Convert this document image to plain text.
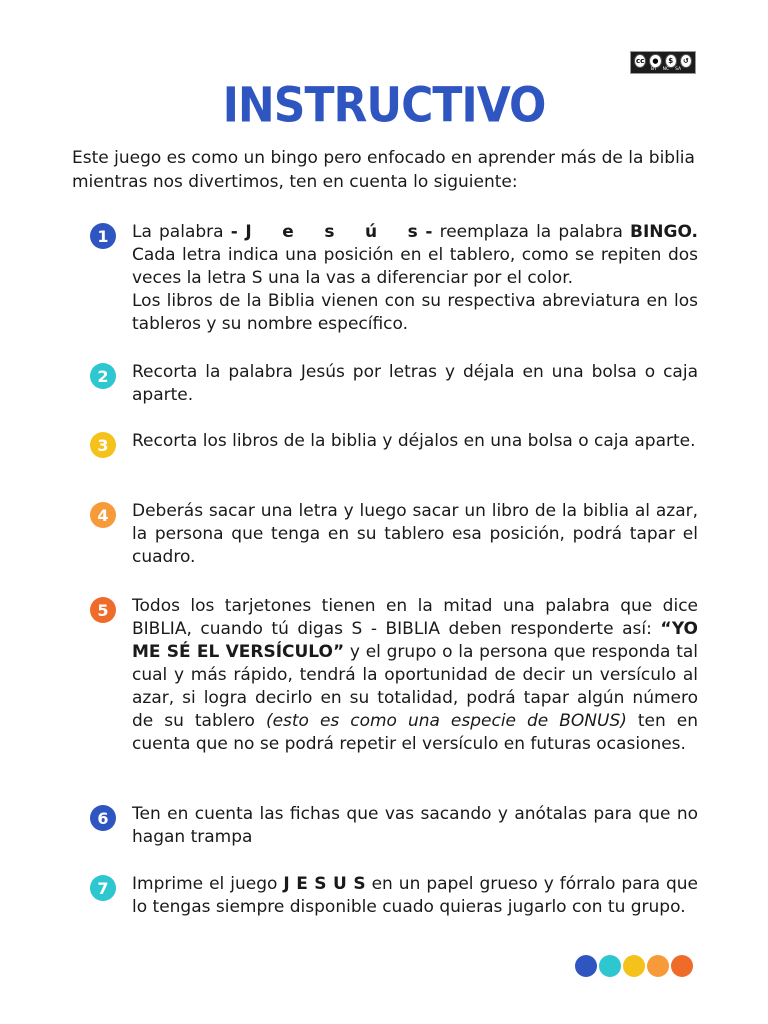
cc	●	$	↺
BY NC SA
INSTRUCTIVO

Este juego es como un bingo pero enfocado en aprender más de la biblia mientras nos divertimos, ten en cuenta lo siguiente:

1	La palabra - J    e    s    ú    s - reemplaza la palabra BINGO. Cada letra indica una posición en el tablero, como se repiten dos veces la letra S una la vas a diferenciar por el color.
Los libros de la Biblia vienen con su respectiva abreviatura en los tableros y su nombre específico.
2	Recorta la palabra Jesús por letras y déjala en una bolsa o caja aparte.
3	Recorta los libros de la biblia y déjalos en una bolsa o caja aparte.
4	Deberás sacar una letra y luego sacar un libro de la biblia al azar, la persona que tenga en su tablero esa posición, podrá tapar el cuadro.
5	Todos los tarjetones tienen en la mitad una palabra que dice BIBLIA, cuando tú digas S - BIBLIA deben responderte así: “YO ME SÉ EL VERSÍCULO” y el grupo o la persona que responda tal cual y más rápido, tendrá la oportunidad de decir un versículo al azar, si logra decirlo en su totalidad, podrá tapar algún número de su tablero (esto es como una especie de BONUS) ten en cuenta que no se podrá repetir el versículo en futuras ocasiones.
6	Ten en cuenta las fichas que vas sacando y anótalas para que no hagan trampa
7	Imprime el juego J E S U S en un papel grueso y fórralo para que lo tengas siempre disponible cuado quieras jugarlo con tu grupo.
